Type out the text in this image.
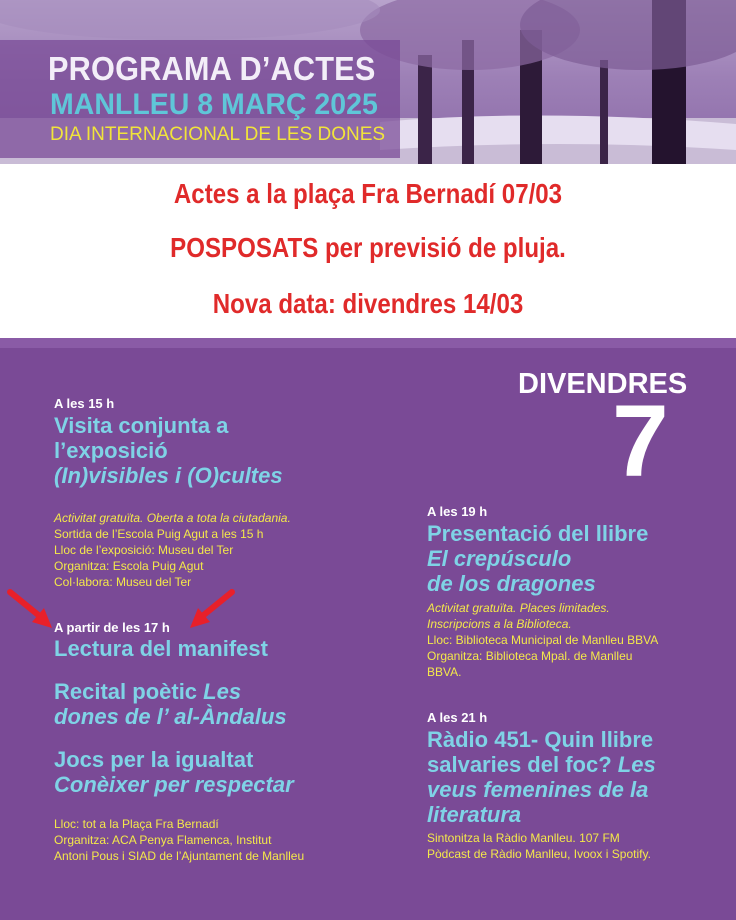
PROGRAMA D’ACTES
MANLLEU 8 MARÇ 2025

DIA INTERNACIONAL DE LES DONES

Actes a la plaça Fra Bernadí 07/03

POSPOSATS per previsió de pluja.

Nova data: divendres 14/03

DIVENDRES

7

A les 15 h

Visita conjunta a
l’exposició
(In)visibles i (O)cultes
Activitat gratuïta. Oberta a tota la ciutadania.
Sortida de l’Escola Puig Agut a les 15 h
Lloc de l’exposició: Museu del Ter
Organitza: Escola Puig Agut
Col·labora: Museu del Ter

A partir de les 17 h

Lectura del manifest
Recital poètic Les
dones de l’ al-Àndalus
Jocs per la igualtat
Conèixer per respectar
Lloc: tot a la Plaça Fra Bernadí
Organitza: ACA Penya Flamenca, Institut
Antoni Pous i SIAD de l’Ajuntament de Manlleu

A les 19 h

Presentació del llibre
El crepúsculo
de los dragones
Activitat gratuïta. Places limitades.
Inscripcions a la Biblioteca.
Lloc: Biblioteca Municipal de Manlleu BBVA
Organitza: Biblioteca Mpal. de Manlleu
BBVA.

A les 21 h

Ràdio 451- Quin llibre
salvaries del foc? Les
veus femenines de la
literatura
Sintonitza la Ràdio Manlleu. 107 FM
Pòdcast de Ràdio Manlleu, Ivoox i Spotify.
